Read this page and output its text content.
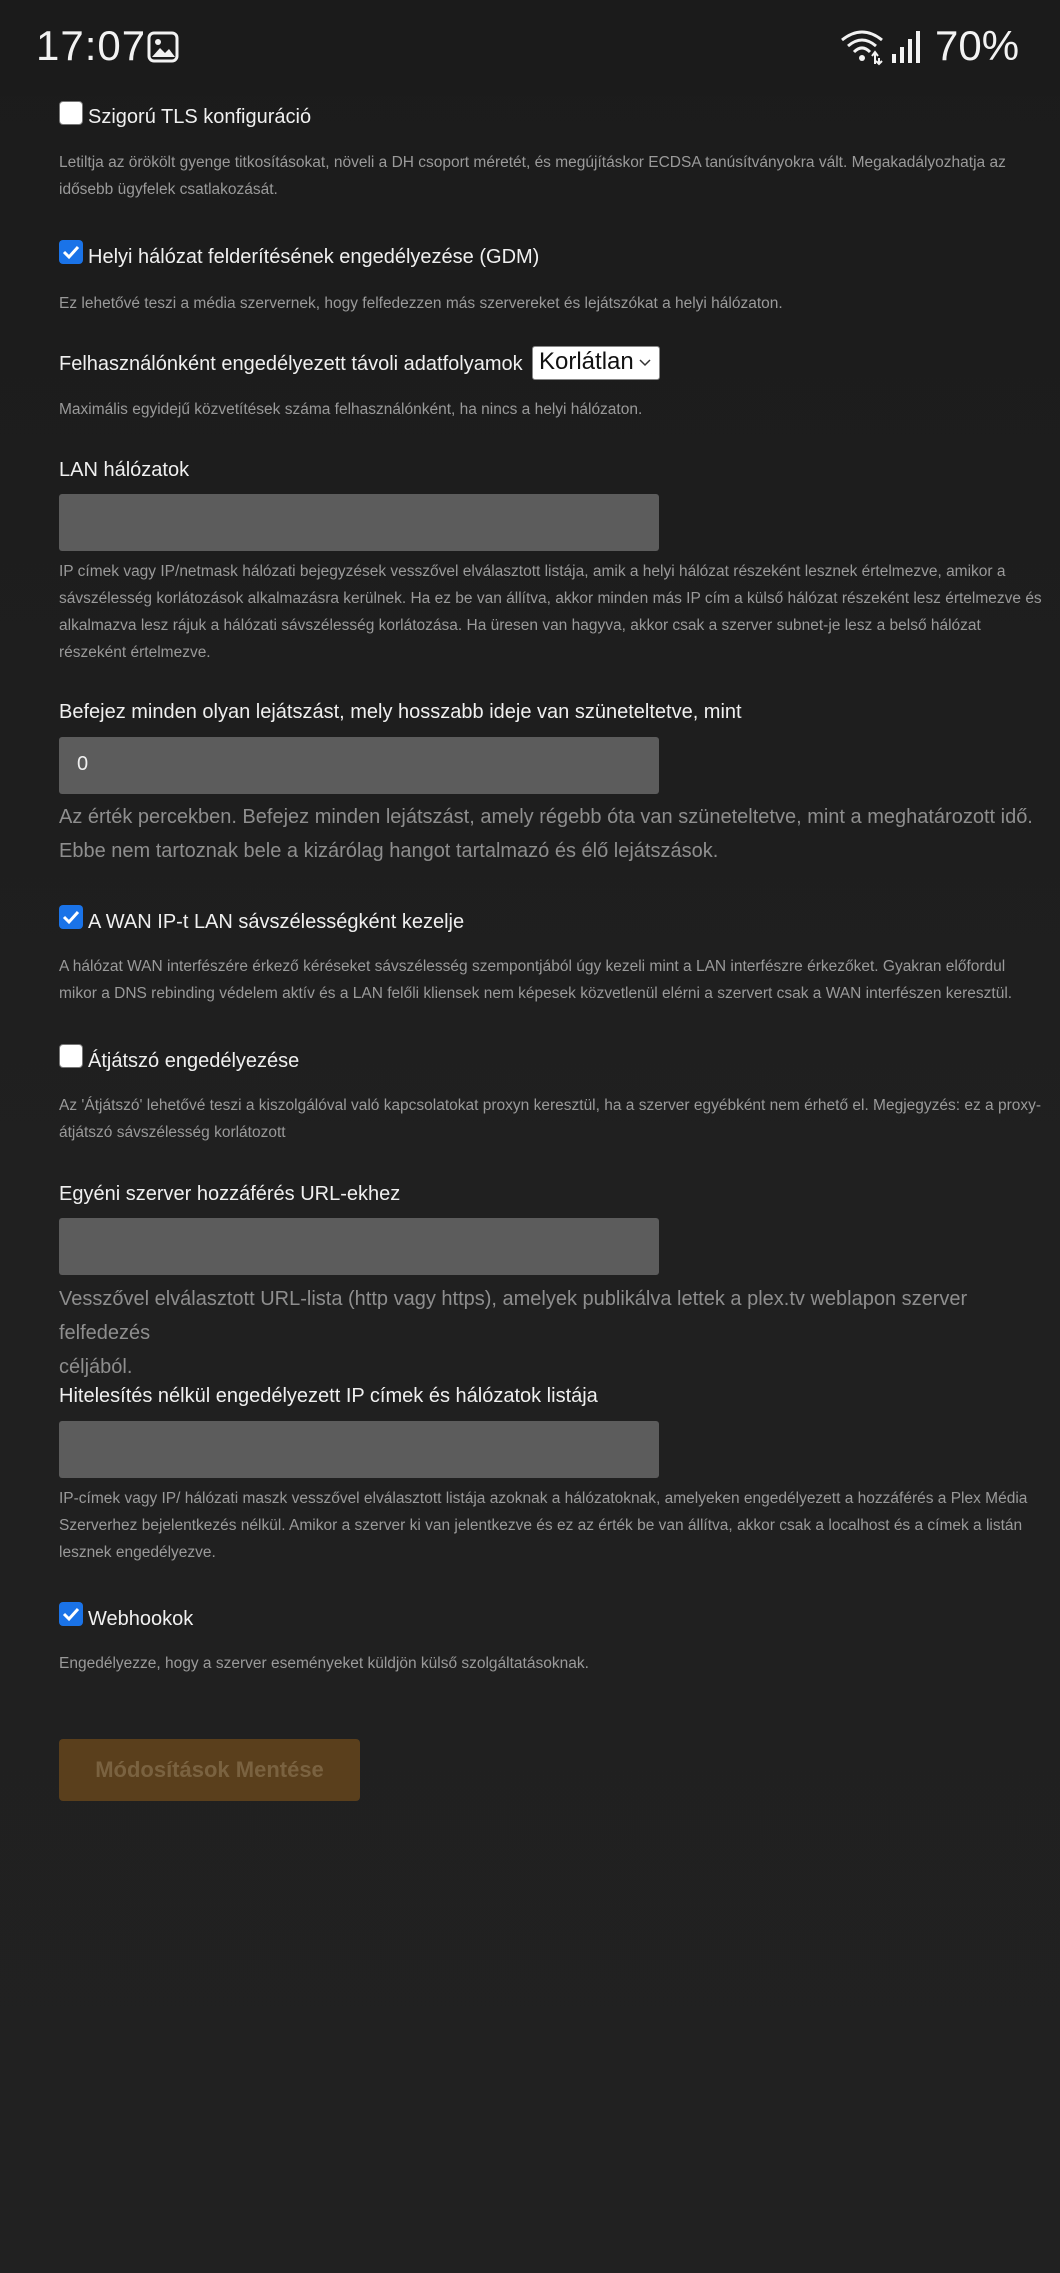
17:07	70%
Szigorú TLS konfiguráció
Letiltja az örökölt gyenge titkosításokat, növeli a DH csoport méretét, és megújításkor ECDSA tanúsítványokra vált. Megakadályozhatja az
idősebb ügyfelek csatlakozását.
Helyi hálózat felderítésének engedélyezése (GDM)
Ez lehetővé teszi a média szervernek, hogy felfedezzen más szervereket és lejátszókat a helyi hálózaton.
Felhasználónként engedélyezett távoli adatfolyamok Korlátlan
Maximális egyidejű közvetítések száma felhasználónként, ha nincs a helyi hálózaton.
LAN hálózatok
IP címek vagy IP/netmask hálózati bejegyzések vesszővel elválasztott listája, amik a helyi hálózat részeként lesznek értelmezve, amikor a
sávszélesség korlátozások alkalmazásra kerülnek. Ha ez be van állítva, akkor minden más IP cím a külső hálózat részeként lesz értelmezve és
alkalmazva lesz rájuk a hálózati sávszélesség korlátozása. Ha üresen van hagyva, akkor csak a szerver subnet-je lesz a belső hálózat
részeként értelmezve.
Befejez minden olyan lejátszást, mely hosszabb ideje van szüneteltetve, mint
0
Az érték percekben. Befejez minden lejátszást, amely régebb óta van szüneteltetve, mint a meghatározott idő.
Ebbe nem tartoznak bele a kizárólag hangot tartalmazó és élő lejátszások.
A WAN IP-t LAN sávszélességként kezelje
A hálózat WAN interfészére érkező kéréseket sávszélesség szempontjából úgy kezeli mint a LAN interfészre érkezőket. Gyakran előfordul
mikor a DNS rebinding védelem aktív és a LAN felőli kliensek nem képesek közvetlenül elérni a szervert csak a WAN interfészen keresztül.
Átjátszó engedélyezése
Az 'Átjátszó' lehetővé teszi a kiszolgálóval való kapcsolatokat proxyn keresztül, ha a szerver egyébként nem érhető el. Megjegyzés: ez a proxy-
átjátszó sávszélesség korlátozott
Egyéni szerver hozzáférés URL-ekhez
Vesszővel elválasztott URL-lista (http vagy https), amelyek publikálva lettek a plex.tv weblapon szerver felfedezés
céljából.
Hitelesítés nélkül engedélyezett IP címek és hálózatok listája
IP-címek vagy IP/ hálózati maszk vesszővel elválasztott listája azoknak a hálózatoknak, amelyeken engedélyezett a hozzáférés a Plex Média
Szerverhez bejelentkezés nélkül. Amikor a szerver ki van jelentkezve és ez az érték be van állítva, akkor csak a localhost és a címek a listán
lesznek engedélyezve.
Webhookok
Engedélyezze, hogy a szerver eseményeket küldjön külső szolgáltatásoknak.
Módosítások Mentése
